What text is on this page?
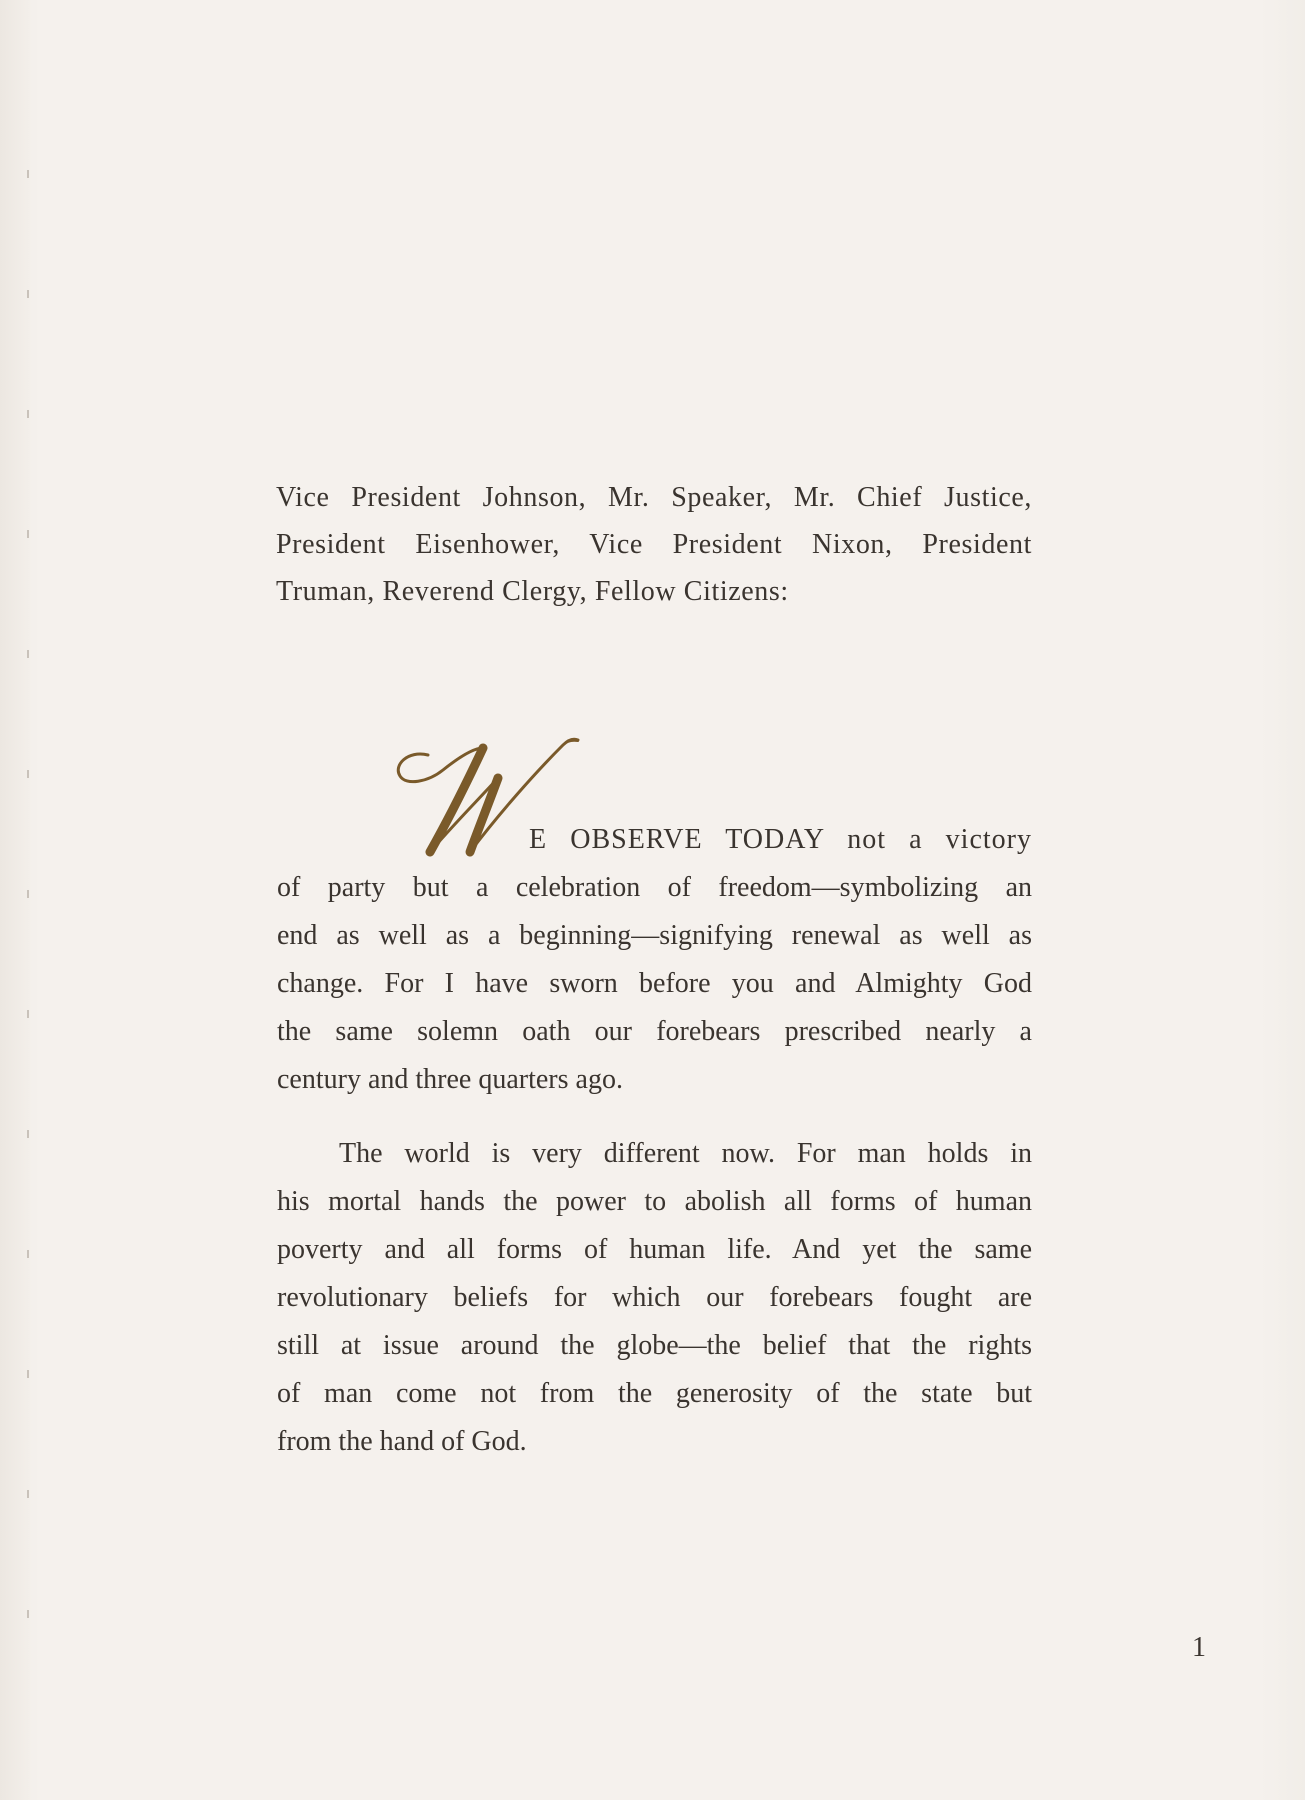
Vice President Johnson, Mr. Speaker, Mr. Chief Justice,
President Eisenhower, Vice President Nixon, President
Truman, Reverend Clergy, Fellow Citizens:
W
E OBSERVE TODAY not a victory
of party but a celebration of freedom—symbolizing an
end as well as a beginning—signifying renewal as well as
change. For I have sworn before you and Almighty God
the same solemn oath our forebears prescribed nearly a
century and three quarters ago.
The world is very different now. For man holds in
his mortal hands the power to abolish all forms of human
poverty and all forms of human life. And yet the same
revolutionary beliefs for which our forebears fought are
still at issue around the globe—the belief that the rights
of man come not from the generosity of the state but
from the hand of God.
1
